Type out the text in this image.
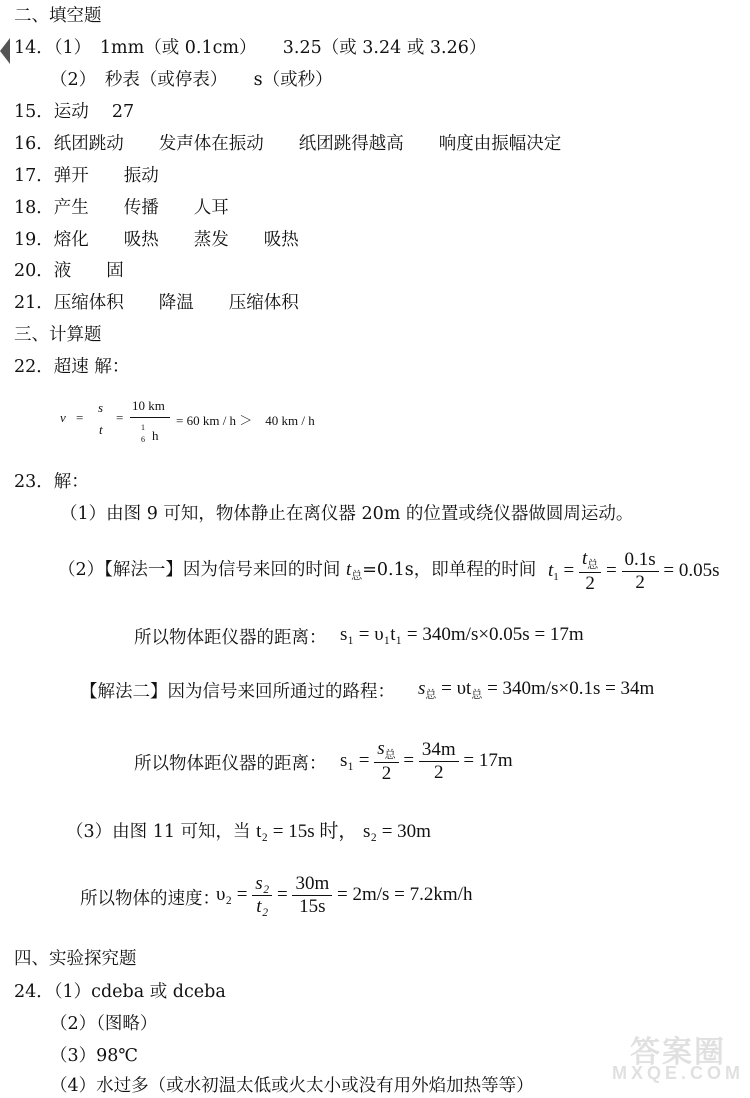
二、填空题
14．（1）　1mm（或 0.1cm）　　3.25（或 3.24 或 3.26）
（2）　秒表（或停表）　　s（或秒）
15．运动　 27
16．纸团跳动　　发声体在振动　　纸团跳得越高　　响度由振幅决定
17．弹开　　振动
18．产生　　传播　　人耳
19．熔化　　吸热　　蒸发　　吸热
20．液　　固
21．压缩体积　　降温　　压缩体积
三、计算题
22．超速 解：
v =
s
t
=
10 km
1
6 h
= 60 km / h ＞　40 km / h
23．解：
（1）由图 9 可知，物体静止在离仪器 20m 的位置或绕仪器做圆周运动。
（2）【解法一】因为信号来回的时间 $t_总=0.1s$，即单程的时间 $t_1 = \frac{t_总}{2} = \frac{0.1s}{2} = 0.05s$
所以物体距仪器的距离： s₁ = υ₁t₁ = 340m/s×0.05s = 17m
【解法二】因为信号来回所通过的路程： $s_总 = \upsilon t_总 = 340m/s\times 0.1s = 34m$
所以物体距仪器的距离： $s_1 = \frac{s_总}{2} = \frac{34m}{2} = 17m$
（3）由图 11 可知，当 t₂ = 15s 时， s₂ = 30m
所以物体的速度：
$\upsilon_2 = \frac{\text{s₂}}{\text{t₂}} = \frac{30m}{15s} = 2m/s = 7.2km/h$
四、实验探究题
24．（1）cdeba 或 dceba
（2）（图略）
（3）98℃
（4）水过多（或水初温太低或火太小或没有用外焰加热等等）
答案圈
MXQE.COM
